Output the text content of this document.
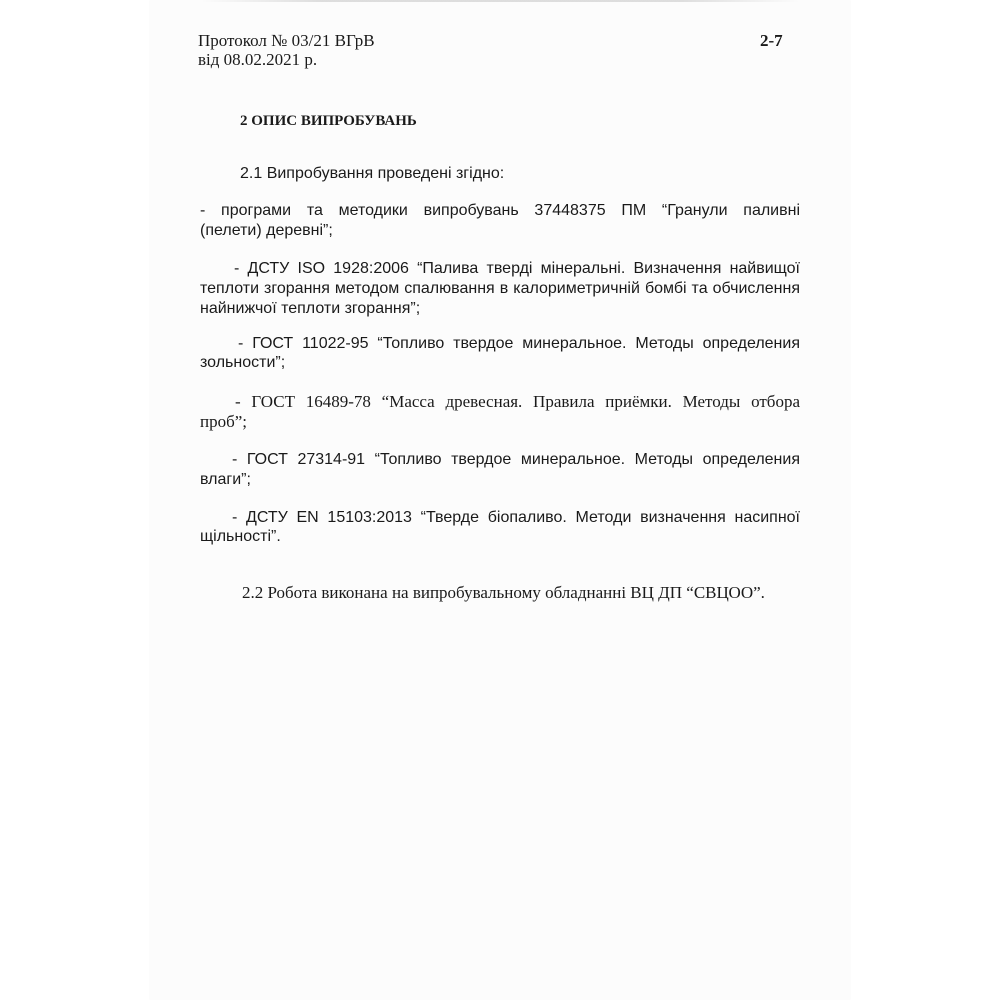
Протокол № 03/21 ВГрВ

від 08.02.2021 р.

2-7

2 ОПИС ВИПРОБУВАНЬ

2.1 Випробування проведені згідно:

- програми та методики випробувань 37448375 ПМ “Гранули паливні

(пелети) деревні”;

- ДСТУ ISO 1928:2006 “Палива тверді мінеральні. Визначення найвищої

теплоти згорання методом спалювання в калориметричній бомбі та обчислення

найнижчої теплоти згорання”;

- ГОСТ 11022-95 “Топливо твердое минеральное. Методы определения

зольности”;

- ГОСТ 16489-78 “Масса древесная. Правила приёмки. Методы отбора

проб”;

- ГОСТ 27314-91 “Топливо твердое минеральное. Методы определения

влаги”;

- ДСТУ EN 15103:2013 “Тверде біопаливо. Методи визначення насипної

щільності”.

2.2 Робота виконана на випробувальному обладнанні ВЦ ДП “СВЦОО”.
